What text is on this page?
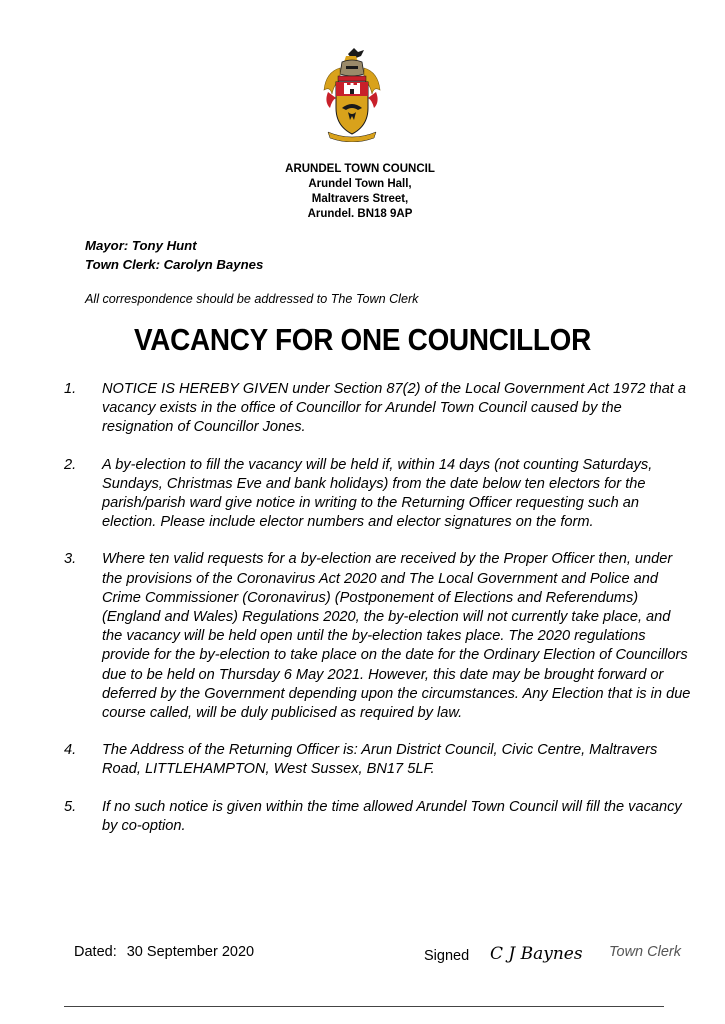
ARUNDEL TOWN COUNCIL
Arundel Town Hall,
Maltravers Street,
Arundel. BN18 9AP
Mayor: Tony Hunt
Town Clerk: Carolyn Baynes
All correspondence should be addressed to The Town Clerk
VACANCY FOR ONE COUNCILLOR
1. NOTICE IS HEREBY GIVEN under Section 87(2) of the Local Government Act 1972 that a vacancy exists in the office of Councillor for Arundel Town Council caused by the resignation of Councillor Jones.
2. A by-election to fill the vacancy will be held if, within 14 days (not counting Saturdays, Sundays, Christmas Eve and bank holidays) from the date below ten electors for the parish/parish ward give notice in writing to the Returning Officer requesting such an election. Please include elector numbers and elector signatures on the form.
3. Where ten valid requests for a by-election are received by the Proper Officer then, under the provisions of the Coronavirus Act 2020 and The Local Government and Police and Crime Commissioner (Coronavirus) (Postponement of Elections and Referendums) (England and Wales) Regulations 2020, the by-election will not currently take place, and the vacancy will be held open until the by-election takes place. The 2020 regulations provide for the by-election to take place on the date for the Ordinary Election of Councillors due to be held on Thursday 6 May 2021. However, this date may be brought forward or deferred by the Government depending upon the circumstances. Any Election that is in due course called, will be duly publicised as required by law.
4. The Address of the Returning Officer is: Arun District Council, Civic Centre, Maltravers Road, LITTLEHAMPTON, West Sussex, BN17 5LF.
5. If no such notice is given within the time allowed Arundel Town Council will fill the vacancy by co-option.
Dated: 30 September 2020	Signed C J Baynes Town Clerk
